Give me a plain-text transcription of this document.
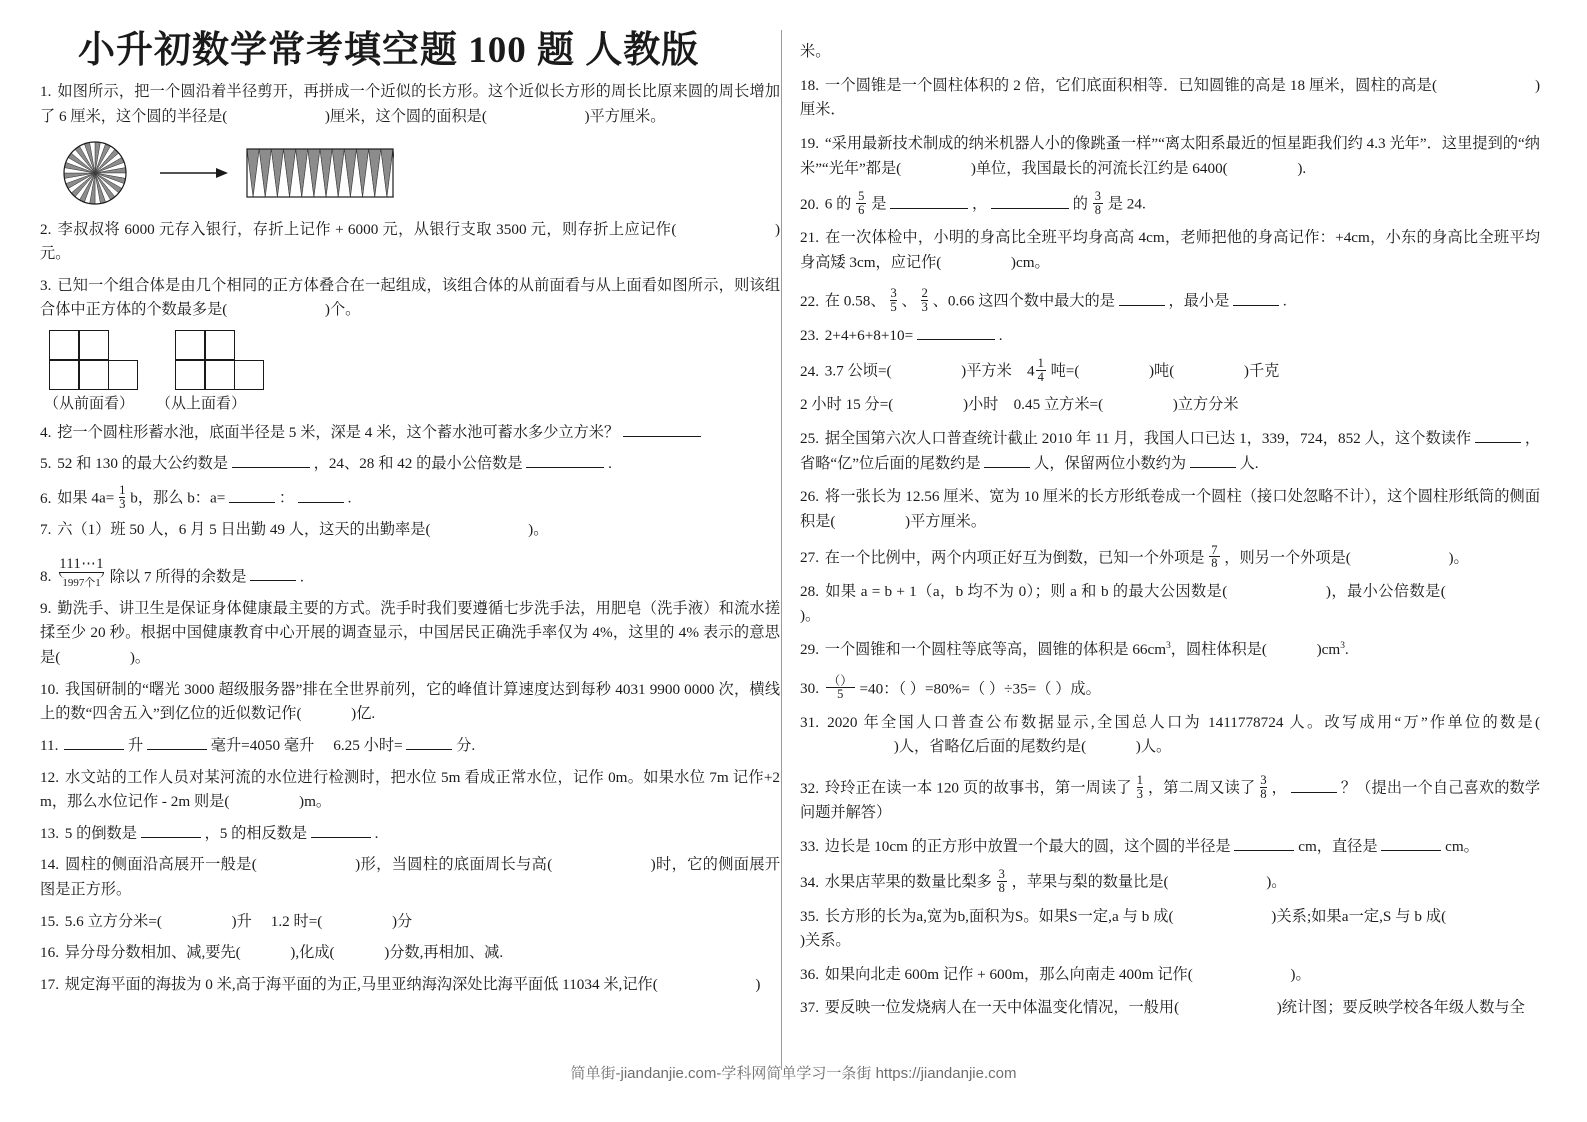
小升初数学常考填空题 100 题 人教版

1. 如图所示，把一个圆沿着半径剪开，再拼成一个近似的长方形。这个近似长方形的周长比原来圆的周长增加了 6 厘米，这个圆的半径是(	)厘米，这个圆的面积是(	)平方厘米。

2. 李叔叔将 6000 元存入银行，存折上记作 + 6000 元，从银行支取 3500 元，则存折上应记作(	)元。

3. 已知一个组合体是由几个相同的正方体叠合在一起组成，该组合体的从前面看与从上面看如图所示，则该组合体中正方体的个数最多是(	)个。

（从前面看） （从上面看）

4. 挖一个圆柱形蓄水池，底面半径是 5 米，深是 4 米，这个蓄水池可蓄水多少立方米？

5. 52 和 130 的最大公约数是	，24、28 和 42 的最小公倍数是	.

6. 如果 $4a= \frac{1}{3}$ b，那么 b：a=	：	.

7. 六（1）班 50 人，6 月 5 日出勤 49 人，这天的出勤率是(	)。

8.
111⋯1
1997个1 除以 7 所得的余数是	.

9. 勤洗手、讲卫生是保证身体健康最主要的方式。洗手时我们要遵循七步洗手法，用肥皂（洗手液）和流水搓揉至少 20 秒。根据中国健康教育中心开展的调查显示，中国居民正确洗手率仅为 4%，这里的 4% 表示的意思是(	)。

10. 我国研制的“曙光 3000 超级服务器”排在全世界前列，它的峰值计算速度达到每秒 4031 9900 0000 次，横线上的数“四舍五入”到亿位的近似数记作(	)亿.

11.	升	毫升=4050 毫升 6.25 小时=	分.

12. 水文站的工作人员对某河流的水位进行检测时，把水位 5m 看成正常水位，记作 0m。如果水位 7m 记作+2m，那么水位记作 - 2m 则是(	)m。

13. 5 的倒数是	，5 的相反数是	.

14. 圆柱的侧面沿高展开一般是(	)形，当圆柱的底面周长与高(	)时，它的侧面展开图是正方形。

15. 5.6 立方分米=(	)升 1.2 时=(	)分

16. 异分母分数相加、减,要先(	),化成(	)分数,再相加、减.

17. 规定海平面的海拔为 0 米,高于海平面的为正,马里亚纳海沟深处比海平面低 11034 米,记作(	)

米。

18. 一个圆锥是一个圆柱体积的 2 倍，它们底面积相等．已知圆锥的高是 18 厘米，圆柱的高是(	)厘米．

19. “采用最新技术制成的纳米机器人小的像跳蚤一样”“离太阳系最近的恒星距我们约 4.3 光年”．这里提到的“纳米”“光年”都是(	)单位，我国最长的河流长江约是 6400(	).

20. 6 的 $\frac{5}{6}$ 是	，	的 $\frac{3}{8}$ 是 24.

21. 在一次体检中，小明的身高比全班平均身高高 4cm，老师把他的身高记作：+4cm，小东的身高比全班平均身高矮 3cm，应记作(	)cm。

22. 在 0.58、 $\frac{3}{5}$ 、 $\frac{2}{3}$ 、0.66 这四个数中最大的是	，最小是	.

23. 2+4+6+8+10=	.

24. 3.7 公顷=(	)平方米 $4 \frac{1}{4}$ 吨=(	)吨(	)千克

2 小时 15 分=(	)小时 0.45 立方米=(	)立方分米

25. 据全国第六次人口普查统计截止 2010 年 11 月，我国人口已达 1，339，724，852 人，这个数读作	，省略“亿”位后面的尾数约是	人，保留两位小数约为	人.

26. 将一张长为 12.56 厘米、宽为 10 厘米的长方形纸卷成一个圆柱（接口处忽略不计），这个圆柱形纸筒的侧面积是(	)平方厘米。

27. 在一个比例中，两个内项正好互为倒数，已知一个外项是 $\frac{7}{8}$ ，则另一个外项是(	)。

28. 如果 a = b + 1（a，b 均不为 0）；则 a 和 b 的最大公因数是(	)，最小公倍数是(  )。

29. 一个圆锥和一个圆柱等底等高，圆锥的体积是 $66cm^3$，圆柱体积是(	)$cm^3$.

30. $\frac{()}{5} =40$：（ ）=80%=（ ）÷35=（ ）成。

31. 2020 年全国人口普查公布数据显示,全国总人口为 1411778724 人。改写成用“万”作单位的数是(  )人，省略亿后面的尾数约是(	)人。

32. 玲玲正在读一本 120 页的故事书，第一周读了 $\frac{1}{3}$ ，第二周又读了 $\frac{3}{8}$ ，	？（提出一个自己喜欢的数学问题并解答）

33. 边长是 10cm 的正方形中放置一个最大的圆，这个圆的半径是	cm，直径是	cm。

34. 水果店苹果的数量比梨多 $\frac{3}{8}$ ，苹果与梨的数量比是(	)。

35. 长方形的长为a,宽为b,面积为S。如果S一定,a 与 b 成(	)关系;如果a一定,S 与 b 成(  )关系。

36. 如果向北走 600m 记作 + 600m，那么向南走 400m 记作(	)。

37. 要反映一位发烧病人在一天中体温变化情况，一般用(	)统计图；要反映学校各年级人数与全

简单街-jiandanjie.com-学科网简单学习一条街 https://jiandanjie.com
